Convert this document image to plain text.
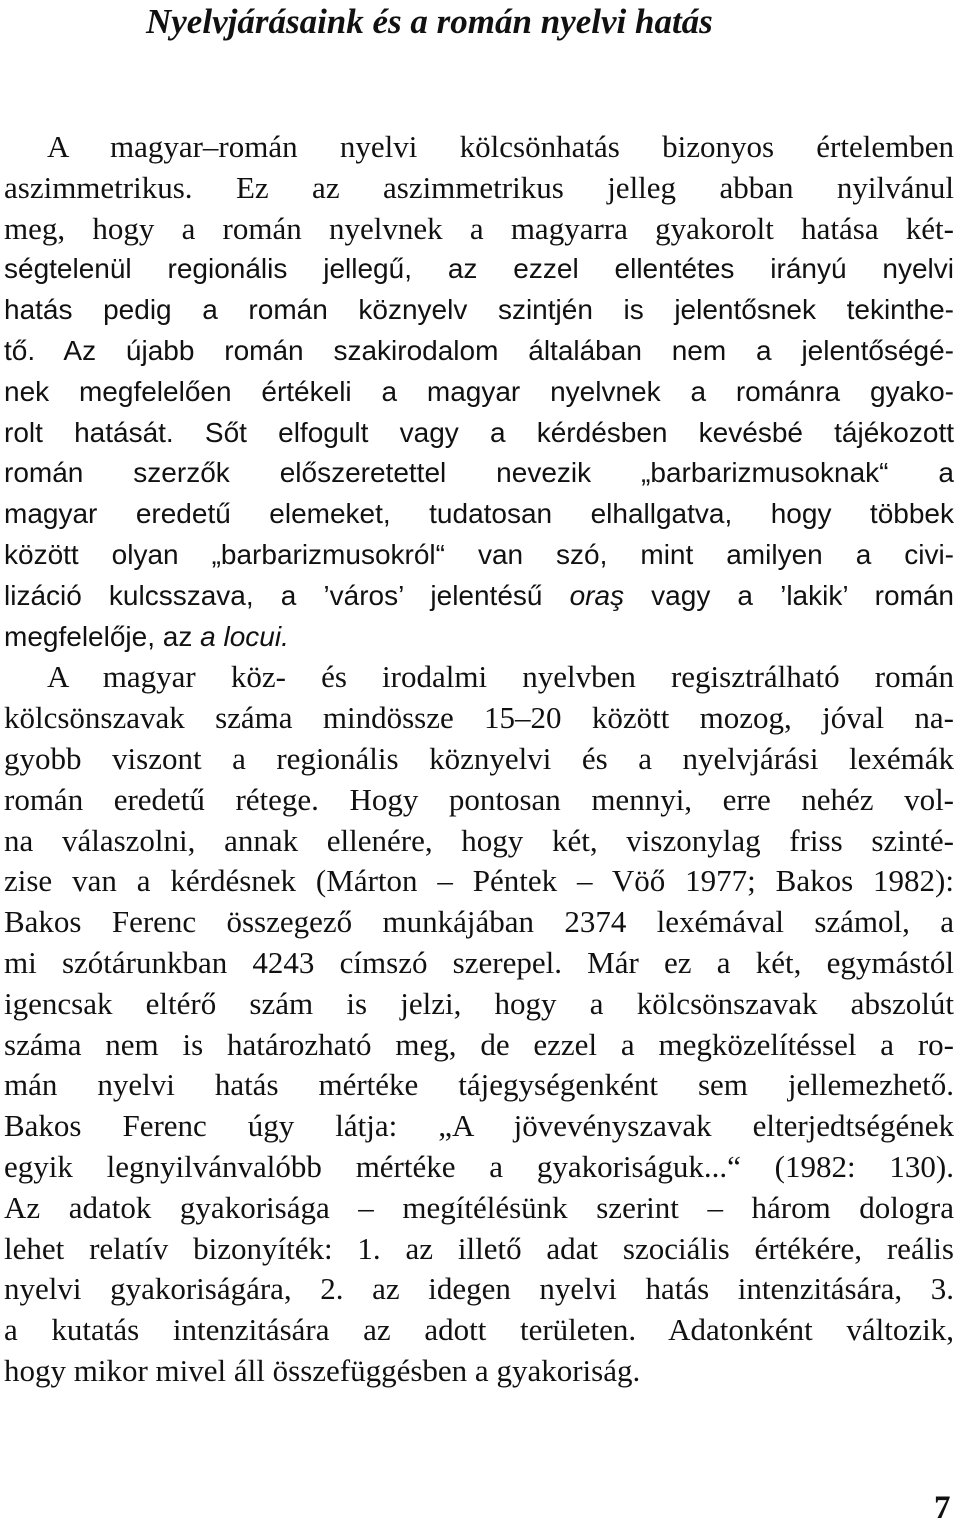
Nyelvjárásaink és a román nyelvi hatás
A magyar–román nyelvi kölcsönhatás bizonyos értelemben
aszimmetrikus. Ez az aszimmetrikus jelleg abban nyilvánul
meg, hogy a román nyelvnek a magyarra gyakorolt hatása két-
ségtelenül regionális jellegű, az ezzel ellentétes irányú nyelvi
hatás pedig a román köznyelv szintjén is jelentősnek tekinthe-
tő. Az újabb román szakirodalom általában nem a jelentőségé-
nek megfelelően értékeli a magyar nyelvnek a románra gyako-
rolt hatását. Sőt elfogult vagy a kérdésben kevésbé tájékozott
román szerzők előszeretettel nevezik „barbarizmusoknak“ a
magyar eredetű elemeket, tudatosan elhallgatva, hogy többek
között olyan „barbarizmusokról“ van szó, mint amilyen a civi-
lizáció kulcsszava, a ’város’ jelentésű oraş vagy a ’lakik’ román
megfelelője, az a locui.
A magyar köz- és irodalmi nyelvben regisztrálható román
kölcsönszavak száma mindössze 15–20 között mozog, jóval na-
gyobb viszont a regionális köznyelvi és a nyelvjárási lexémák
román eredetű rétege. Hogy pontosan mennyi, erre nehéz vol-
na válaszolni, annak ellenére, hogy két, viszonylag friss szinté-
zise van a kérdésnek (Márton – Péntek – Vöő 1977; Bakos 1982):
Bakos Ferenc összegező munkájában 2374 lexémával számol, a
mi szótárunkban 4243 címszó szerepel. Már ez a két, egymástól
igencsak eltérő szám is jelzi, hogy a kölcsönszavak abszolút
száma nem is határozható meg, de ezzel a megközelítéssel a ro-
mán nyelvi hatás mértéke tájegységenként sem jellemezhető.
Bakos Ferenc úgy látja: „A jövevényszavak elterjedtségének
egyik legnyilvánvalóbb mértéke a gyakoriságuk...“ (1982: 130).
Az adatok gyakorisága – megítélésünk szerint – három dologra
lehet relatív bizonyíték: 1. az illető adat szociális értékére, reális
nyelvi gyakoriságára, 2. az idegen nyelvi hatás intenzitására, 3.
a kutatás intenzitására az adott területen. Adatonként változik,
hogy mikor mivel áll összefüggésben a gyakoriság.
7
